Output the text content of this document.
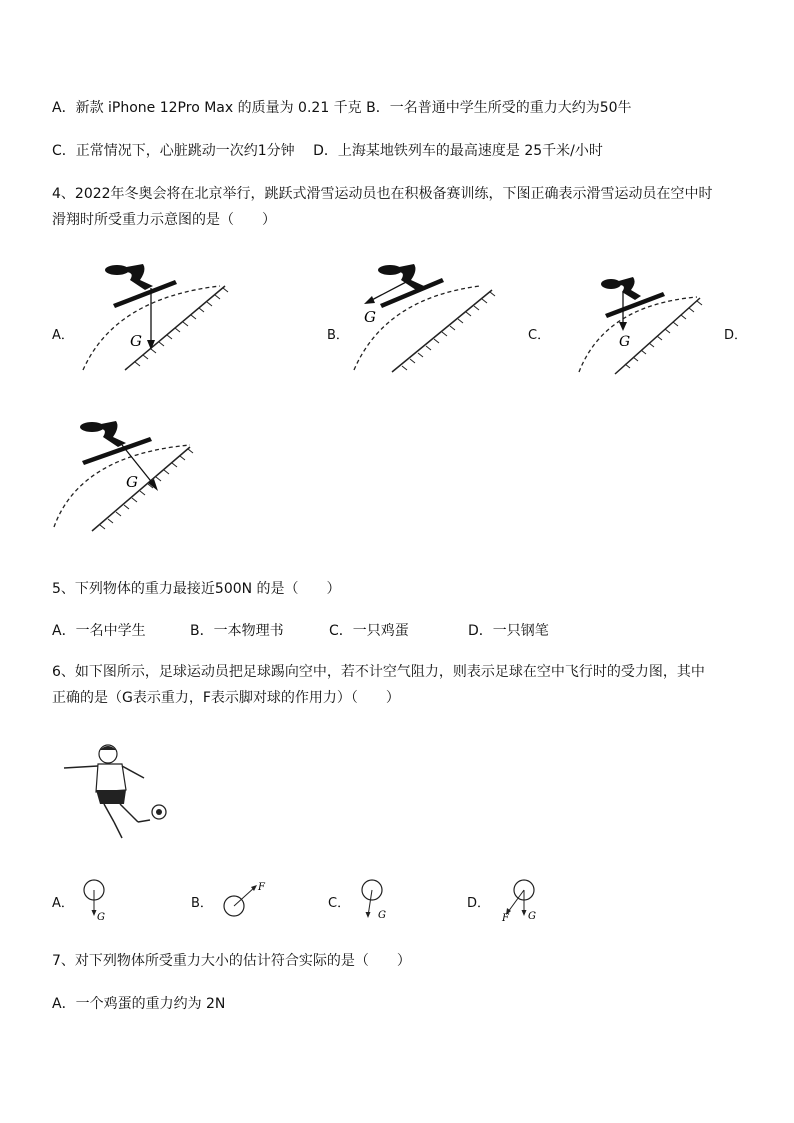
A．新款 iPhone 12Pro Max 的质量为 0.21 千克 B．一名普通中学生所受的重力大约为50牛
C．正常情况下，心脏跳动一次约1分钟　 D．上海某地铁列车的最高速度是 25千米/小时
4、2022年冬奥会将在北京举行，跳跃式滑雪运动员也在积极备赛训练，下图正确表示滑雪运动员在空中时
滑翔时所受重力示意图的是（　　）
A．	B．	C．	D．
G
G
G
G
5、下列物体的重力最接近500N 的是（　　）
A．一名中学生	B．一本物理书	C．一只鸡蛋	D．一只钢笔
6、如下图所示，足球运动员把足球踢向空中，若不计空气阻力，则表示足球在空中飞行时的受力图，其中
正确的是（G表示重力，F表示脚对球的作用力）（　　）
A．	B．	C．	D．
G
F
G	F G
7、对下列物体所受重力大小的估计符合实际的是（　　）
A．一个鸡蛋的重力约为 2N
